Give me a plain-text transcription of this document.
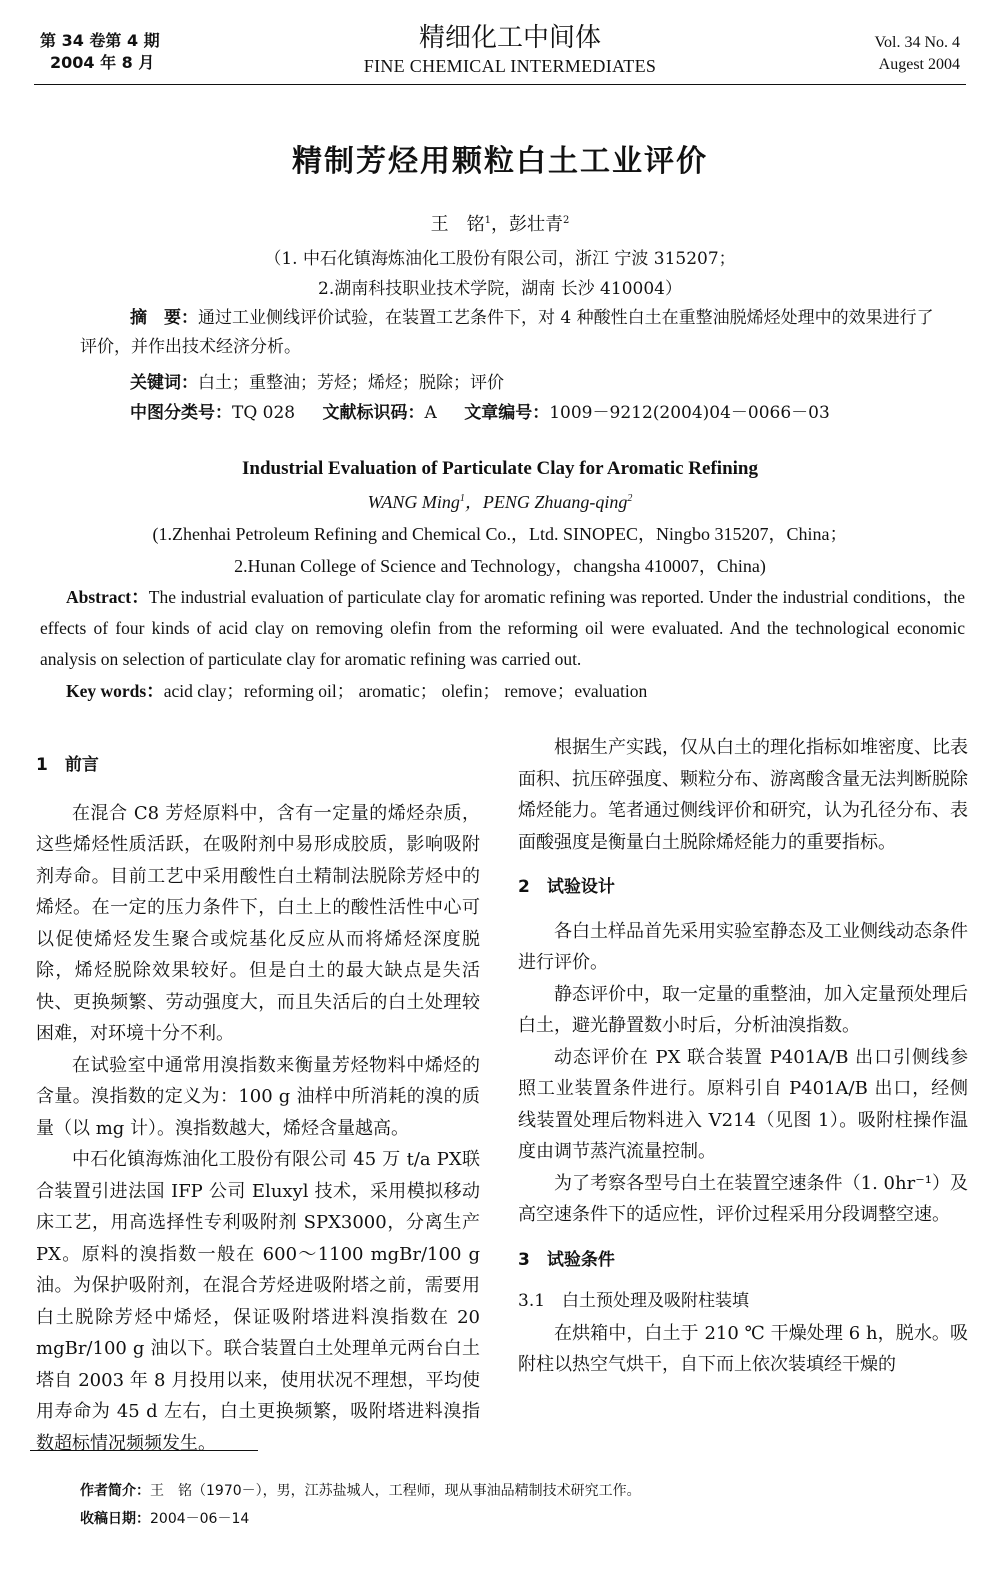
第 34 卷第 4 期
2004 年 8 月
精细化工中间体
FINE CHEMICAL INTERMEDIATES
Vol. 34 No. 4
Augest 2004
精制芳烃用颗粒白土工业评价
王　铭$^1$，彭壮青$^2$
（1. 中石化镇海炼油化工股份有限公司，浙江 宁波 315207；
2.湖南科技职业技术学院，湖南 长沙 410004）
摘　要：通过工业侧线评价试验，在装置工艺条件下，对 4 种酸性白土在重整油脱烯烃处理中的效果进行了评价，并作出技术经济分析。
关键词：白土；重整油；芳烃；烯烃；脱除；评价
中图分类号：TQ 028 文献标识码：A 文章编号：1009－9212(2004)04－0066－03
Industrial Evaluation of Particulate Clay for Aromatic Refining
WANG Ming$^1$，PENG Zhuang-qing$^2$
(1.Zhenhai Petroleum Refining and Chemical Co.，Ltd. SINOPEC，Ningbo 315207，China；
2.Hunan College of Science and Technology，changsha 410007，China)
Abstract：The industrial evaluation of particulate clay for aromatic refining was reported. Under the industrial conditions，the effects of four kinds of acid clay on removing olefin from the reforming oil were evaluated. And the technological economic analysis on selection of particulate clay for aromatic refining was carried out.
Key words：acid clay；reforming oil； aromatic； olefin； remove；evaluation
1　前言

在混合 C8 芳烃原料中，含有一定量的烯烃杂质，这些烯烃性质活跃，在吸附剂中易形成胶质，影响吸附剂寿命。目前工艺中采用酸性白土精制法脱除芳烃中的烯烃。在一定的压力条件下，白土上的酸性活性中心可以促使烯烃发生聚合或烷基化反应从而将烯烃深度脱除，烯烃脱除效果较好。但是白土的最大缺点是失活快、更换频繁、劳动强度大，而且失活后的白土处理较困难，对环境十分不利。

在试验室中通常用溴指数来衡量芳烃物料中烯烃的含量。溴指数的定义为：100 g 油样中所消耗的溴的质量（以 mg 计）。溴指数越大，烯烃含量越高。

中石化镇海炼油化工股份有限公司 45 万 t/a PX联合装置引进法国 IFP 公司 Eluxyl 技术，采用模拟移动床工艺，用高选择性专利吸附剂 SPX3000，分离生产 PX。原料的溴指数一般在 600～1100 mgBr/100 g 油。为保护吸附剂，在混合芳烃进吸附塔之前，需要用白土脱除芳烃中烯烃，保证吸附塔进料溴指数在 20 mgBr/100 g 油以下。联合装置白土处理单元两台白土塔自 2003 年 8 月投用以来，使用状况不理想，平均使用寿命为 45 d 左右，白土更换频繁，吸附塔进料溴指数超标情况频频发生。

根据生产实践，仅从白土的理化指标如堆密度、比表面积、抗压碎强度、颗粒分布、游离酸含量无法判断脱除烯烃能力。笔者通过侧线评价和研究，认为孔径分布、表面酸强度是衡量白土脱除烯烃能力的重要指标。

2　试验设计

各白土样品首先采用实验室静态及工业侧线动态条件进行评价。

静态评价中，取一定量的重整油，加入定量预处理后白土，避光静置数小时后，分析油溴指数。

动态评价在 PX 联合装置 P401A/B 出口引侧线参照工业装置条件进行。原料引自 P401A/B 出口，经侧线装置处理后物料进入 V214（见图 1）。吸附柱操作温度由调节蒸汽流量控制。

为了考察各型号白土在装置空速条件（1. 0hr⁻¹）及高空速条件下的适应性，评价过程采用分段调整空速。

3　试验条件
3.1　白土预处理及吸附柱装填

在烘箱中，白土于 210 ℃ 干燥处理 6 h，脱水。吸附柱以热空气烘干，自下而上依次装填经干燥的

作者简介：王　铭（1970－），男，江苏盐城人，工程师，现从事油品精制技术研究工作。
收稿日期：2004－06－14
